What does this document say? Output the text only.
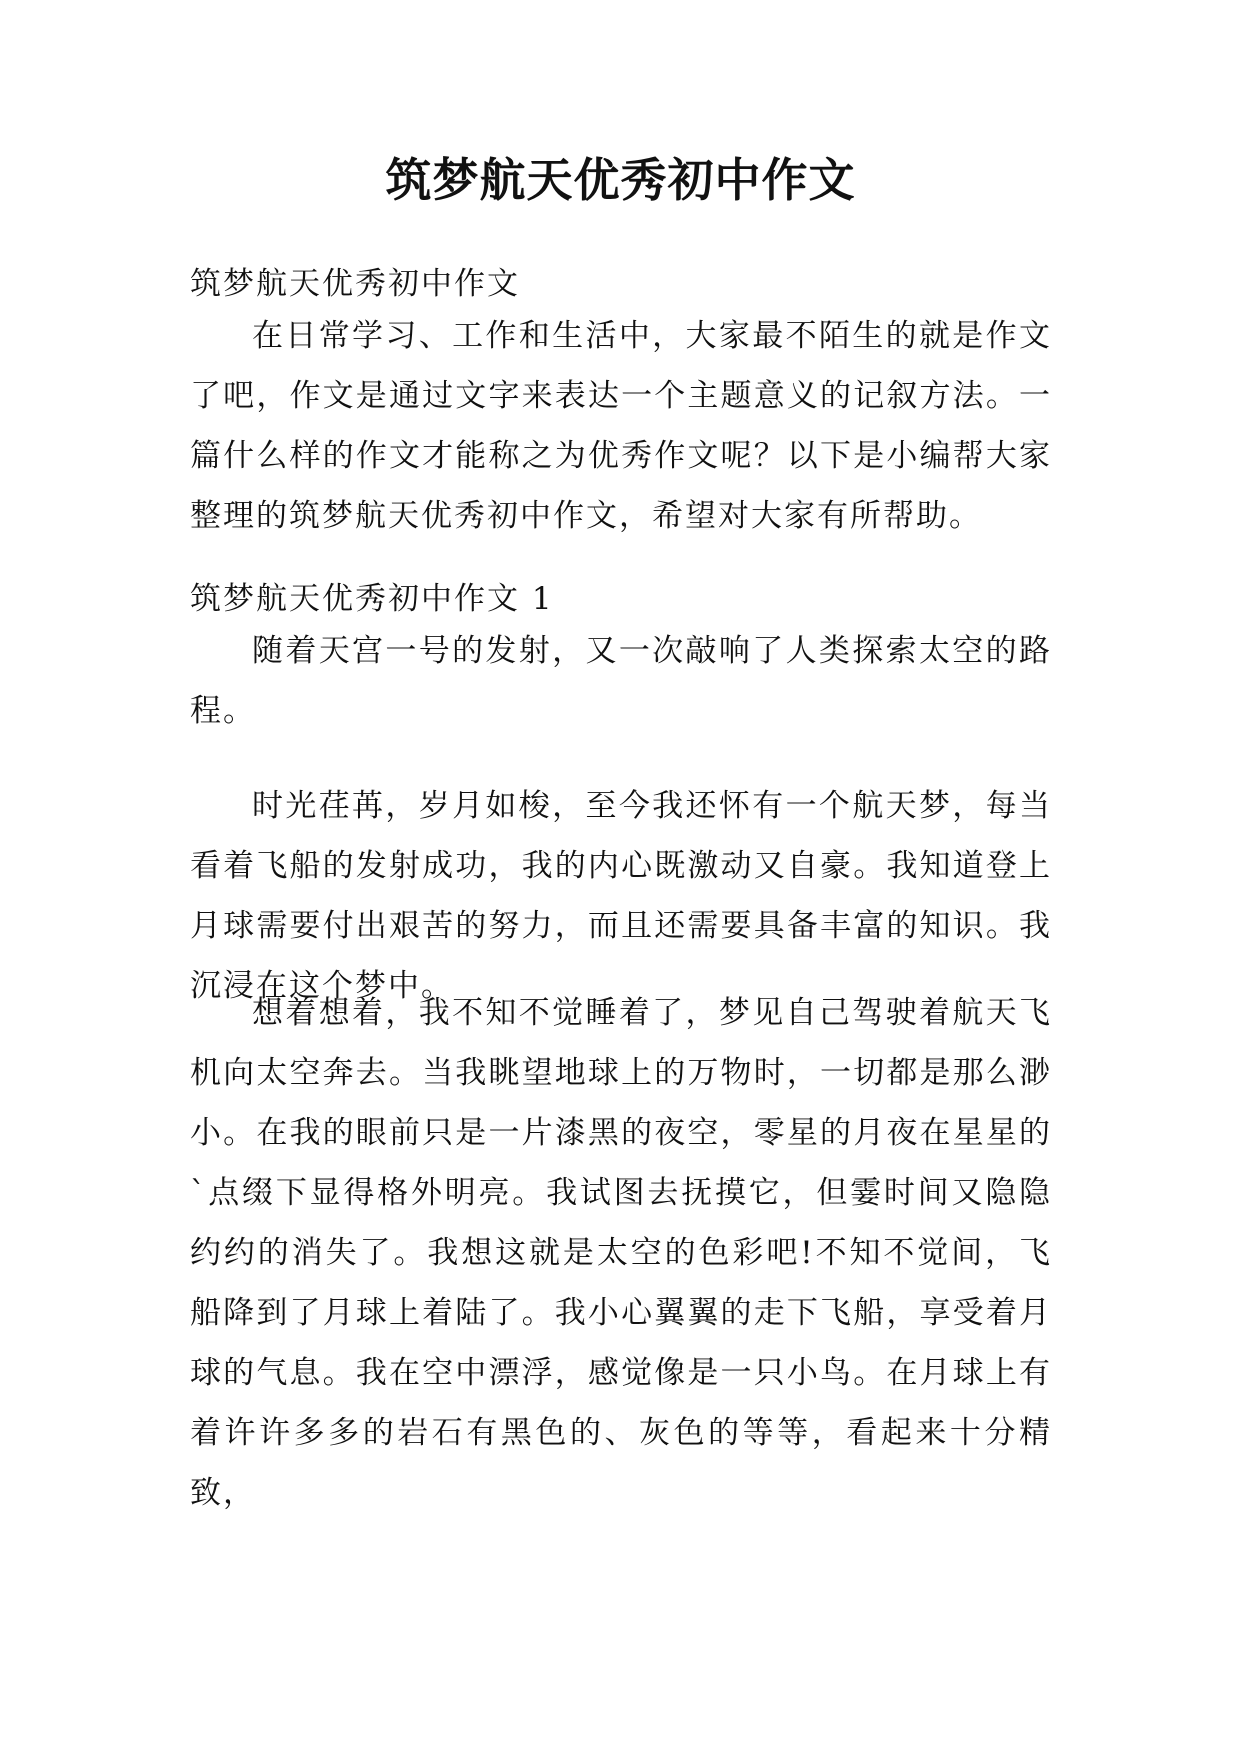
筑梦航天优秀初中作文

筑梦航天优秀初中作文

在日常学习、工作和生活中，大家最不陌生的就是作文了吧，作文是通过文字来表达一个主题意义的记叙方法。一篇什么样的作文才能称之为优秀作文呢？以下是小编帮大家整理的筑梦航天优秀初中作文，希望对大家有所帮助。

筑梦航天优秀初中作文 1

随着天宫一号的发射，又一次敲响了人类探索太空的路程。

时光荏苒，岁月如梭，至今我还怀有一个航天梦，每当看着飞船的发射成功，我的内心既激动又自豪。我知道登上月球需要付出艰苦的努力，而且还需要具备丰富的知识。我沉浸在这个梦中。

想着想着，我不知不觉睡着了，梦见自己驾驶着航天飞机向太空奔去。当我眺望地球上的万物时，一切都是那么渺小。在我的眼前只是一片漆黑的夜空，零星的月夜在星星的`点缀下显得格外明亮。我试图去抚摸它，但霎时间又隐隐约约的消失了。我想这就是太空的色彩吧!不知不觉间，飞船降到了月球上着陆了。我小心翼翼的走下飞船，享受着月球的气息。我在空中漂浮，感觉像是一只小鸟。在月球上有着许许多多的岩石有黑色的、灰色的等等，看起来十分精致，
